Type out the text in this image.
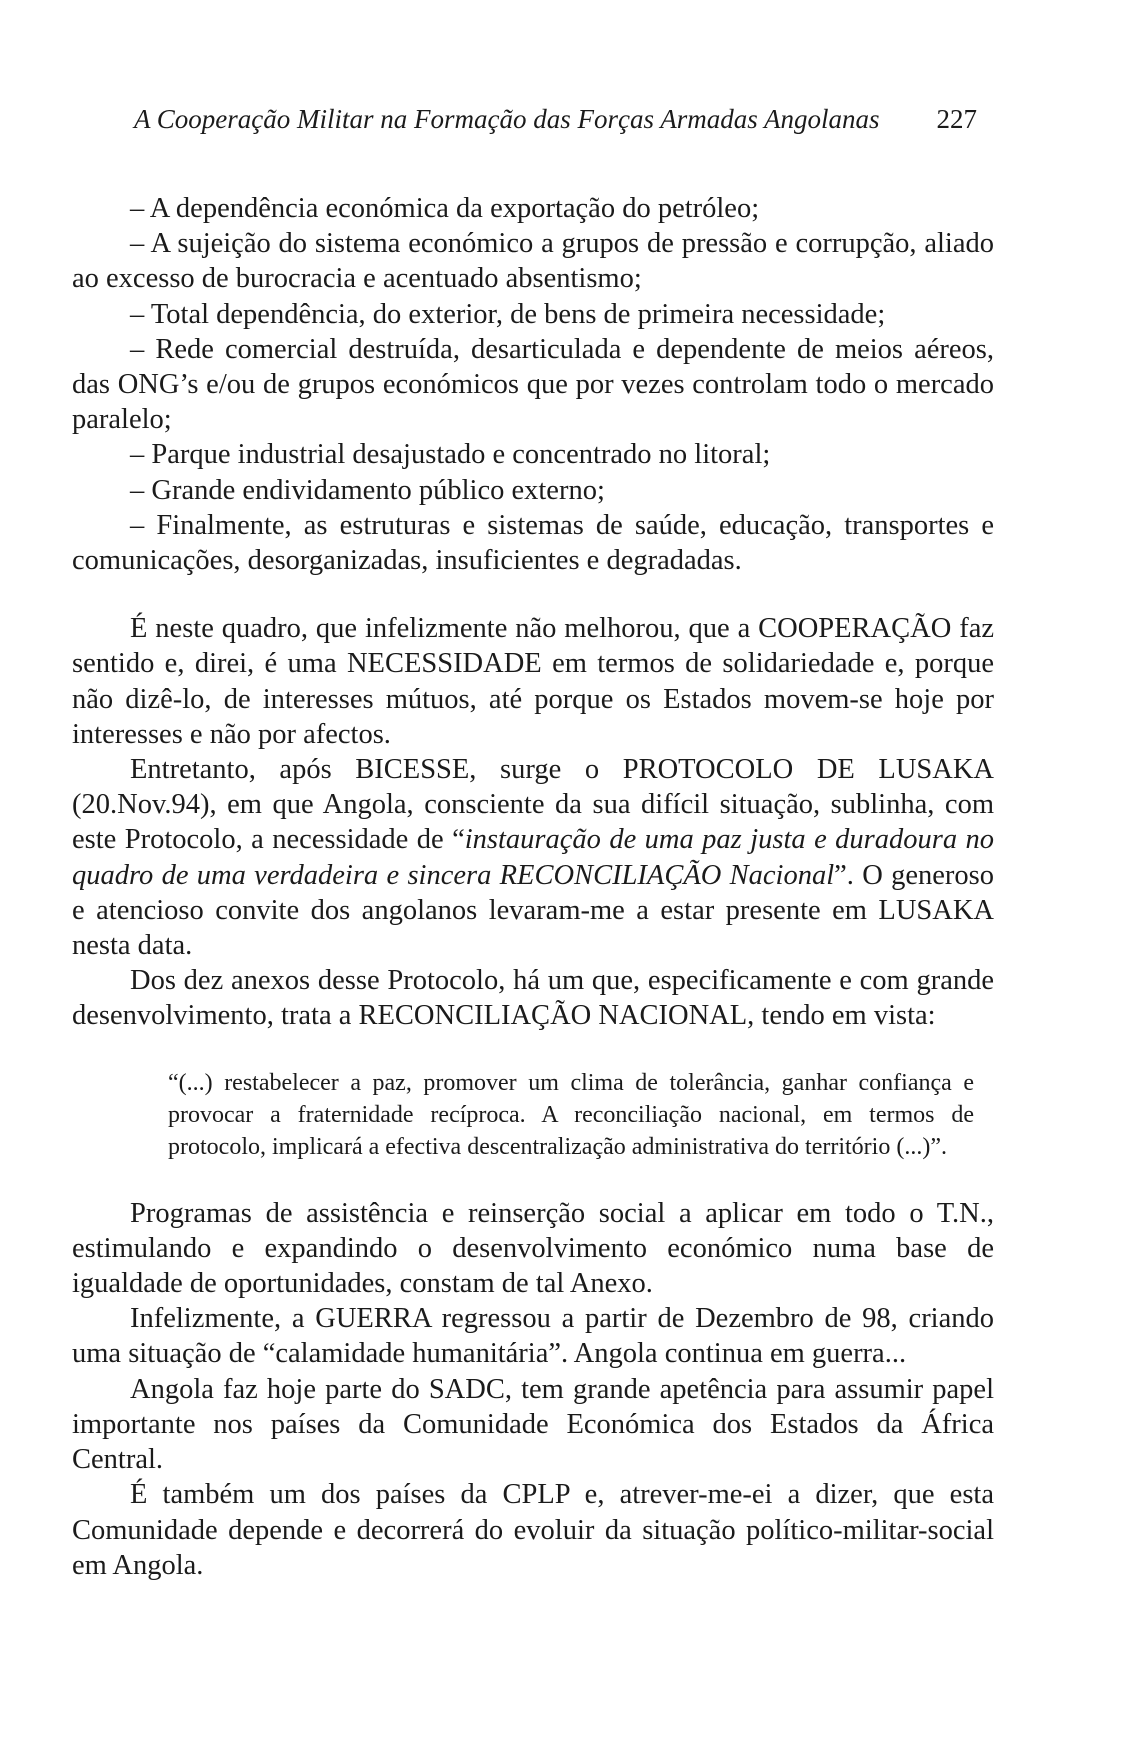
A Cooperação Militar na Formação das Forças Armadas Angolanas 227

– A dependência económica da exportação do petróleo;

– A sujeição do sistema económico a grupos de pressão e corrupção, aliado ao excesso de burocracia e acentuado absentismo;

– Total dependência, do exterior, de bens de primeira necessidade;

– Rede comercial destruída, desarticulada e dependente de meios aéreos, das ONG’s e/ou de grupos económicos que por vezes controlam todo o mercado paralelo;

– Parque industrial desajustado e concentrado no litoral;

– Grande endividamento público externo;

– Finalmente, as estruturas e sistemas de saúde, educação, transportes e comunicações, desorganizadas, insuficientes e degradadas.

É neste quadro, que infelizmente não melhorou, que a COOPERAÇÃO faz sentido e, direi, é uma NECESSIDADE em termos de solidariedade e, porque não dizê-lo, de interesses mútuos, até porque os Estados movem-se hoje por interesses e não por afectos.

Entretanto, após BICESSE, surge o PROTOCOLO DE LUSAKA (20.Nov.94), em que Angola, consciente da sua difícil situação, sublinha, com este Protocolo, a necessidade de “instauração de uma paz justa e duradoura no quadro de uma verdadeira e sincera RECONCILIAÇÃO Nacional”. O generoso e atencioso convite dos angolanos levaram-me a estar presente em LUSAKA nesta data.

Dos dez anexos desse Protocolo, há um que, especificamente e com grande desenvolvimento, trata a RECONCILIAÇÃO NACIONAL, tendo em vista:

“(...) restabelecer a paz, promover um clima de tolerância, ganhar confiança e provocar a fraternidade recíproca. A reconciliação nacional, em termos de protocolo, implicará a efectiva descentralização administrativa do território (...)”.

Programas de assistência e reinserção social a aplicar em todo o T.N., estimulando e expandindo o desenvolvimento económico numa base de igualdade de oportunidades, constam de tal Anexo.

Infelizmente, a GUERRA regressou a partir de Dezembro de 98, criando uma situação de “calamidade humanitária”. Angola continua em guerra...

Angola faz hoje parte do SADC, tem grande apetência para assumir papel importante nos países da Comunidade Económica dos Estados da África Central.

É também um dos países da CPLP e, atrever-me-ei a dizer, que esta Comunidade depende e decorrerá do evoluir da situação político-militar-social em Angola.
